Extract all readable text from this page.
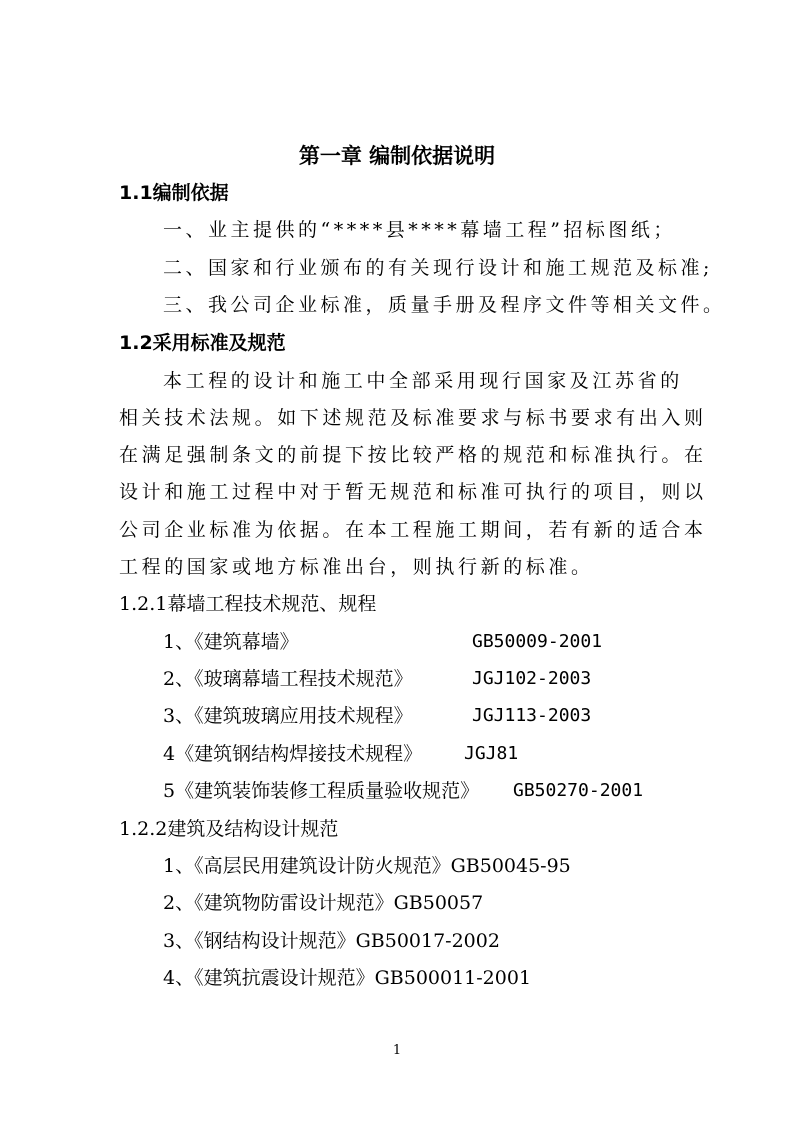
第一章 编制依据说明
1.1编制依据
一、业主提供的“****县****幕墙工程”招标图纸；
二、国家和行业颁布的有关现行设计和施工规范及标准;
三、我公司企业标准，质量手册及程序文件等相关文件。
1.2采用标准及规范
本工程的设计和施工中全部采用现行国家及江苏省的
相关技术法规。如下述规范及标准要求与标书要求有出入则
在满足强制条文的前提下按比较严格的规范和标准执行。在
设计和施工过程中对于暂无规范和标准可执行的项目，则以
公司企业标准为依据。在本工程施工期间，若有新的适合本
工程的国家或地方标准出台，则执行新的标准。
1.2.1幕墙工程技术规范、规程
1、《建筑幕墙》	GB50009-2001
2、《玻璃幕墙工程技术规范》	JGJ102-2003
3、《建筑玻璃应用技术规程》	JGJ113-2003
4《建筑钢结构焊接技术规程》 JGJ81
5《建筑装饰装修工程质量验收规范》 GB50270-2001
1.2.2建筑及结构设计规范
1、《高层民用建筑设计防火规范》GB50045-95
2、《建筑物防雷设计规范》GB50057
3、《钢结构设计规范》GB50017-2002
4、《建筑抗震设计规范》GB500011-2001
1
